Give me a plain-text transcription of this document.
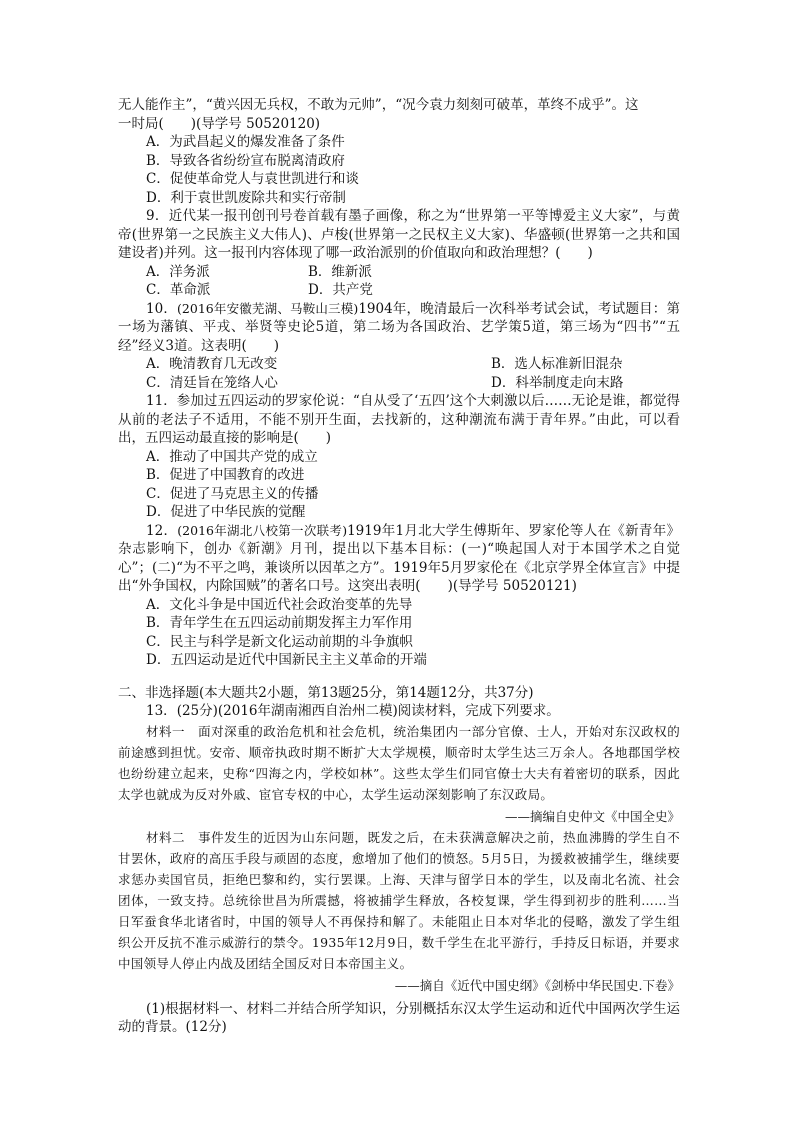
无人能作主”，“黄兴因无兵权，不敢为元帅”，“况今袁力刻刻可破革，革终不成乎”。这

一时局(　　)(导学号 50520120)

A．为武昌起义的爆发准备了条件

B．导致各省纷纷宣布脱离清政府

C．促使革命党人与袁世凯进行和谈

D．利于袁世凯废除共和实行帝制

9．近代某一报刊创刊号卷首载有墨子画像，称之为“世界第一平等博爱主义大家”，与黄帝(世界第一之民族主义大伟人)、卢梭(世界第一之民权主义大家)、华盛顿(世界第一之共和国建设者)并列。这一报刊内容体现了哪一政治派别的价值取向和政治理想？(　　)

A．洋务派	B．维新派
C．革命派	D．共产党

10．(2016年安徽芜湖、马鞍山三模)1904年，晚清最后一次科举考试会试，考试题目：第一场为藩镇、平戎、举贤等史论5道，第二场为各国政治、艺学策5道，第三场为“四书”“五经”经义3道。这表明(　　)

A．晚清教育几无改变	B．选人标准新旧混杂
C．清廷旨在笼络人心	D．科举制度走向末路

11．参加过五四运动的罗家伦说：“自从受了‘五四’这个大刺激以后……无论是谁，都觉得从前的老法子不适用，不能不别开生面，去找新的，这种潮流布满于青年界。”由此，可以看出，五四运动最直接的影响是(　　)

A．推动了中国共产党的成立

B．促进了中国教育的改进

C．促进了马克思主义的传播

D．促进了中华民族的觉醒

12．(2016年湖北八校第一次联考)1919年1月北大学生傅斯年、罗家伦等人在《新青年》杂志影响下，创办《新潮》月刊，提出以下基本目标：(一)“唤起国人对于本国学术之自觉心”；(二)“为不平之鸣，兼谈所以因革之方”。1919年5月罗家伦在《北京学界全体宣言》中提出“外争国权，内除国贼”的著名口号。这突出表明(　　)(导学号 50520121)

A．文化斗争是中国近代社会政治变革的先导

B．青年学生在五四运动前期发挥主力军作用

C．民主与科学是新文化运动前期的斗争旗帜

D．五四运动是近代中国新民主主义革命的开端

二、非选择题(本大题共2小题，第13题25分，第14题12分，共37分)

13．(25分)(2016年湖南湘西自治州二模)阅读材料，完成下列要求。

材料一　面对深重的政治危机和社会危机，统治集团内一部分官僚、士人，开始对东汉政权的前途感到担忧。安帝、顺帝执政时期不断扩大太学规模，顺帝时太学生达三万余人。各地郡国学校也纷纷建立起来，史称“四海之内，学校如林”。这些太学生们同官僚士大夫有着密切的联系，因此太学也就成为反对外戚、宦官专权的中心，太学生运动深刻影响了东汉政局。

——摘编自史仲文《中国全史》

材料二　事件发生的近因为山东问题，既发之后，在未获满意解决之前，热血沸腾的学生自不甘罢休，政府的高压手段与顽固的态度，愈增加了他们的愤怒。5月5日，为援救被捕学生，继续要求惩办卖国官员，拒绝巴黎和约，实行罢课。上海、天津与留学日本的学生，以及南北名流、社会团体，一致支持。总统徐世昌为所震撼，将被捕学生释放，各校复课，学生得到初步的胜利……当日军蚕食华北诸省时，中国的领导人不再保持和解了。未能阻止日本对华北的侵略，激发了学生组织公开反抗不准示威游行的禁令。1935年12月9日，数千学生在北平游行，手持反日标语，并要求中国领导人停止内战及团结全国反对日本帝国主义。

——摘自《近代中国史纲》《剑桥中华民国史.下卷》

(1)根据材料一、材料二并结合所学知识，分别概括东汉太学生运动和近代中国两次学生运动的背景。(12分)
